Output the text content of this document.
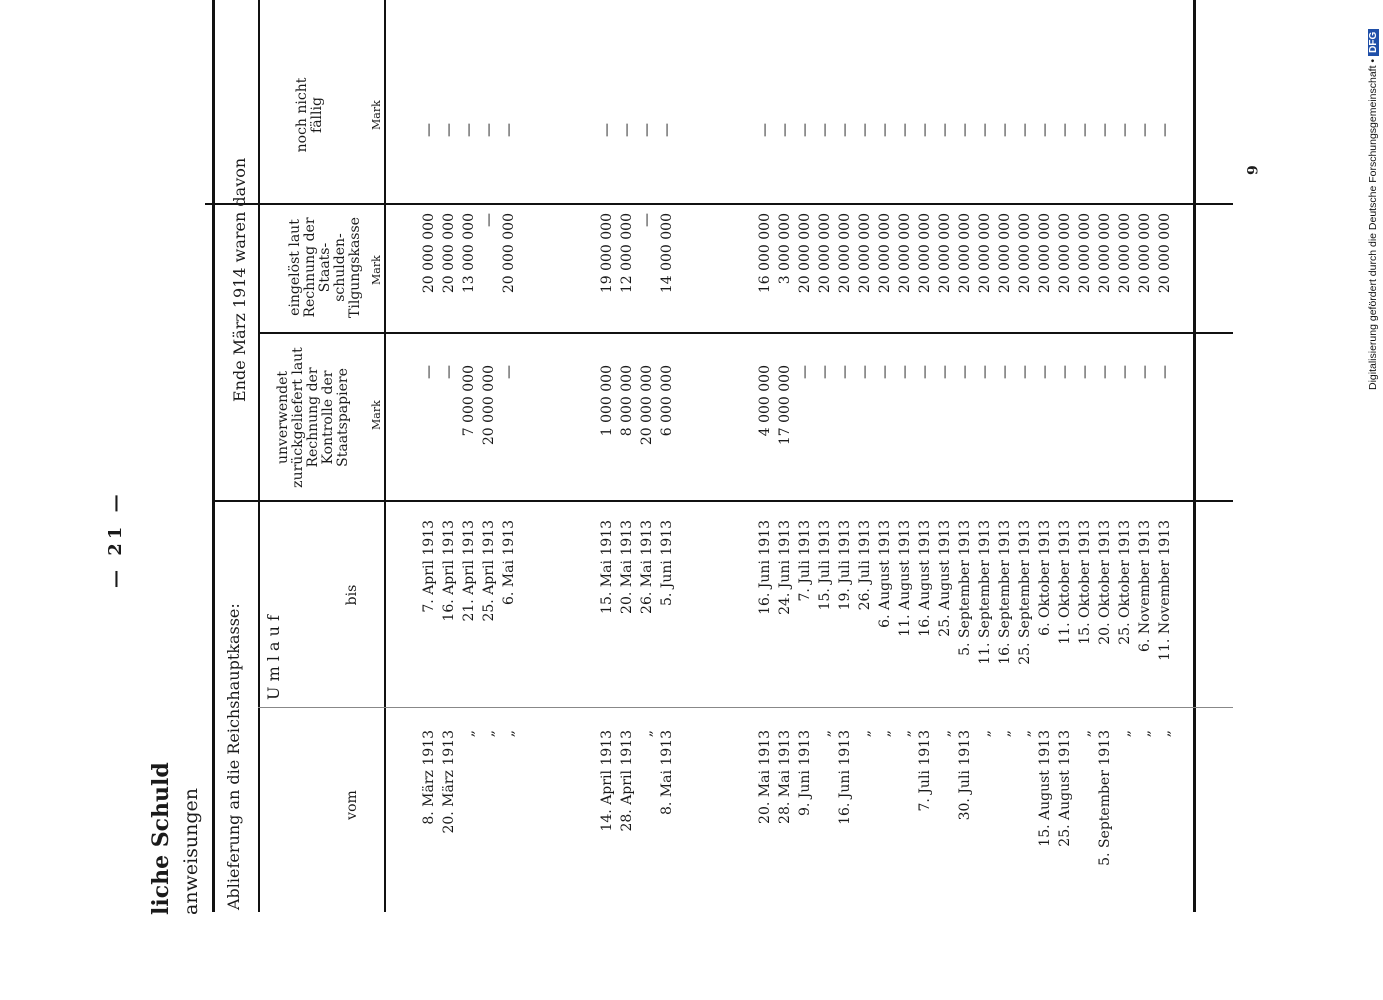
liche Schuld anweisungen
— 21 —
Ablieferung an die Reichshauptkasse: U m l a u f
vom
bis
Ende März 1914 waren davon
unverwendet zurückgeliefert laut Rechnung der Kontrolle der Staatspapiere Mark
eingelöst laut Rechnung der Staats- schulden- Tilgungskasse Mark
noch nicht fällig	Mark
8. März 1913
7. April 1913
—
20 000 000
—
20. März 1913
16. April 1913
—
20 000 000
—
„
21. April 1913
7 000 000
13 000 000
—
„
25. April 1913
20 000 000
—
—
„
6. Mai 1913
—
20 000 000
—
14. April 1913
15. Mai 1913
1 000 000
19 000 000
—
28. April 1913
20. Mai 1913
8 000 000
12 000 000
—
„
26. Mai 1913
20 000 000
—
—
8. Mai 1913
5. Juni 1913
6 000 000
14 000 000
—
20. Mai 1913
16. Juni 1913
4 000 000
16 000 000
—
28. Mai 1913
24. Juni 1913
17 000 000
3 000 000
—
9. Juni 1913
7. Juli 1913
—
20 000 000
—
„
15. Juli 1913
—
20 000 000
—
16. Juni 1913
19. Juli 1913
—
20 000 000
—
„
26. Juli 1913
—
20 000 000
—
„
6. August 1913
—
20 000 000
—
„
11. August 1913
—
20 000 000
—
7. Juli 1913
16. August 1913
—
20 000 000
—
„
25. August 1913
—
20 000 000
—
30. Juli 1913
5. September 1913
—
20 000 000
—
„
11. September 1913
—
20 000 000
—
„
16. September 1913
—
20 000 000
—
„
25. September 1913
—
20 000 000
—
15. August 1913
6. Oktober 1913
—
20 000 000
—
25. August 1913
11. Oktober 1913
—
20 000 000
—
„
15. Oktober 1913
—
20 000 000
—
5. September 1913
20. Oktober 1913
—
20 000 000
—
„
25. Oktober 1913
—
20 000 000
—
„
6. November 1913
—
20 000 000
—
„
11. November 1913
—
20 000 000
—
6	Digitalisierung gefördert durch die Deutsche Forschungsgemeinschaft •DFG
